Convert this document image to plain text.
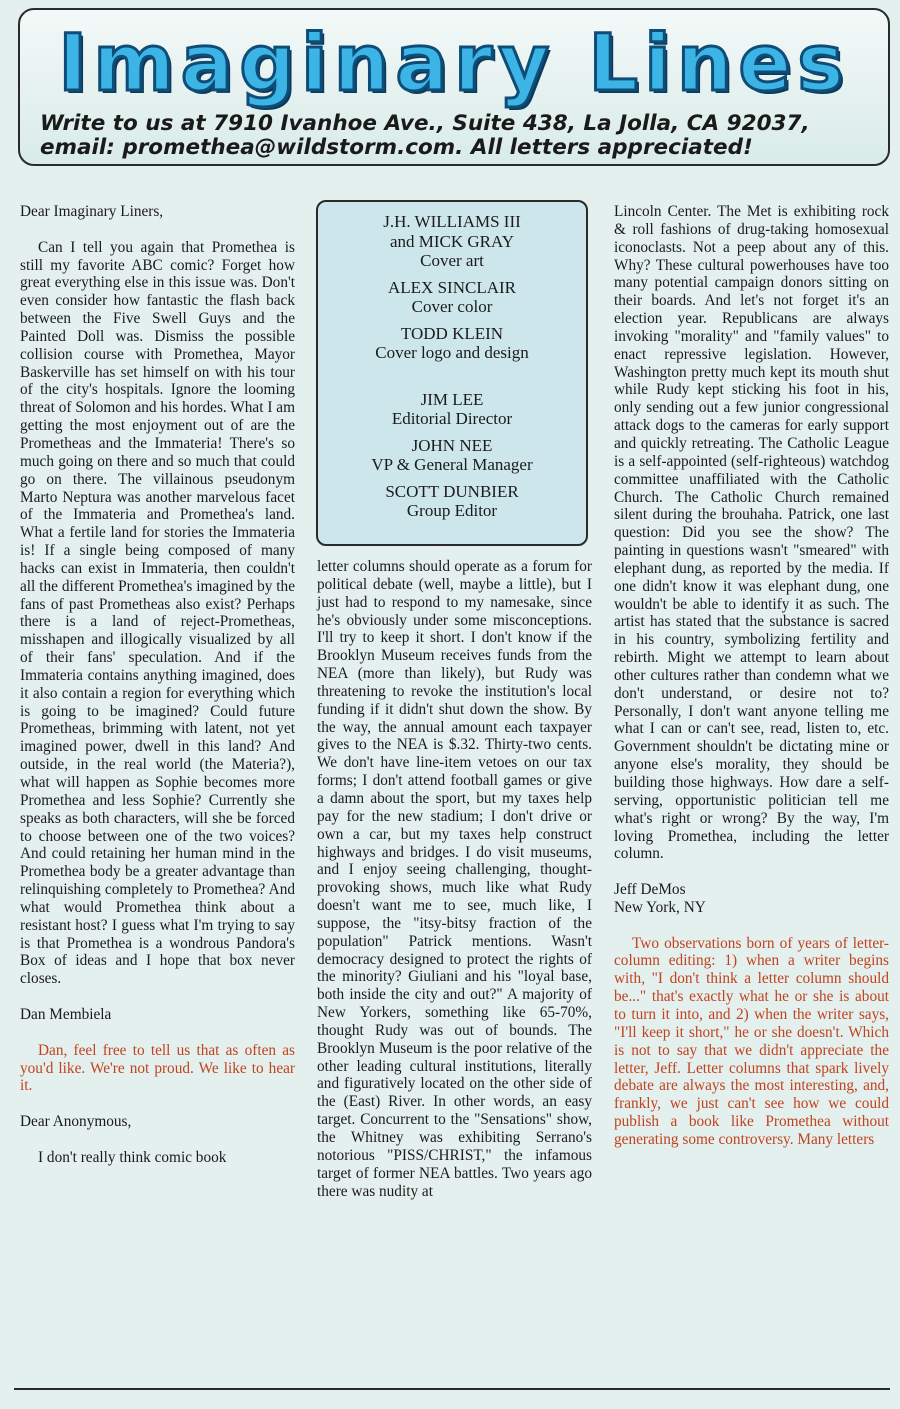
Imaginary Lines
Write to us at 7910 Ivanhoe Ave., Suite 438, La Jolla, CA 92037,
email: promethea@wildstorm.com. All letters appreciated!

Dear Imaginary Liners,

Can I tell you again that Promethea is still my favorite ABC comic? Forget how great everything else in this issue was. Don't even consider how fantastic the flash back between the Five Swell Guys and the Painted Doll was. Dismiss the possible collision course with Promethea, Mayor Baskerville has set himself on with his tour of the city's hospitals. Ignore the looming threat of Solomon and his hordes. What I am getting the most enjoyment out of are the Prometheas and the Immateria! There's so much going on there and so much that could go on there. The villainous pseudonym Marto Neptura was another marvelous facet of the Immateria and Promethea's land. What a fertile land for stories the Immateria is! If a single being composed of many hacks can exist in Immateria, then couldn't all the different Promethea's imagined by the fans of past Prometheas also exist? Perhaps there is a land of reject-Prometheas, misshapen and illogically visualized by all of their fans' speculation. And if the Immateria contains anything imagined, does it also contain a region for everything which is going to be imagined? Could future Prometheas, brimming with latent, not yet imagined power, dwell in this land? And outside, in the real world (the Materia?), what will happen as Sophie becomes more Promethea and less Sophie? Currently she speaks as both characters, will she be forced to choose between one of the two voices? And could retaining her human mind in the Promethea body be a greater advantage than relinquishing completely to Promethea? And what would Promethea think about a resistant host? I guess what I'm trying to say is that Promethea is a wondrous Pandora's Box of ideas and I hope that box never closes.

Dan Membiela

Dan, feel free to tell us that as often as you'd like. We're not proud. We like to hear it.

Dear Anonymous,

I don't really think comic book

J.H. WILLIAMS III
and MICK GRAY
Cover art
ALEX SINCLAIR
Cover color
TODD KLEIN
Cover logo and design
JIM LEE
Editorial Director
JOHN NEE
VP & General Manager
SCOTT DUNBIER
Group Editor

letter columns should operate as a forum for political debate (well, maybe a little), but I just had to respond to my namesake, since he's obviously under some misconceptions. I'll try to keep it short. I don't know if the Brooklyn Museum receives funds from the NEA (more than likely), but Rudy was threatening to revoke the institution's local funding if it didn't shut down the show. By the way, the annual amount each taxpayer gives to the NEA is $.32. Thirty-two cents. We don't have line-item vetoes on our tax forms; I don't attend football games or give a damn about the sport, but my taxes help pay for the new stadium; I don't drive or own a car, but my taxes help construct highways and bridges. I do visit museums, and I enjoy seeing challenging, thought-provoking shows, much like what Rudy doesn't want me to see, much like, I suppose, the "itsy-bitsy fraction of the population" Patrick mentions. Wasn't democracy designed to protect the rights of the minority? Giuliani and his "loyal base, both inside the city and out?" A majority of New Yorkers, something like 65-70%, thought Rudy was out of bounds. The Brooklyn Museum is the poor relative of the other leading cultural institutions, literally and figuratively located on the other side of the (East) River. In other words, an easy target. Concurrent to the "Sensations" show, the Whitney was exhibiting Serrano's notorious "PISS/CHRIST," the infamous target of former NEA battles. Two years ago there was nudity at

Lincoln Center. The Met is exhibiting rock & roll fashions of drug-taking homosexual iconoclasts. Not a peep about any of this. Why? These cultural powerhouses have too many potential campaign donors sitting on their boards. And let's not forget it's an election year. Republicans are always invoking "morality" and "family values" to enact repressive legislation. However, Washington pretty much kept its mouth shut while Rudy kept sticking his foot in his, only sending out a few junior congressional attack dogs to the cameras for early support and quickly retreating. The Catholic League is a self-appointed (self-righteous) watchdog committee unaffiliated with the Catholic Church. The Catholic Church remained silent during the brouhaha. Patrick, one last question: Did you see the show? The painting in questions wasn't "smeared" with elephant dung, as reported by the media. If one didn't know it was elephant dung, one wouldn't be able to identify it as such. The artist has stated that the substance is sacred in his country, symbolizing fertility and rebirth. Might we attempt to learn about other cultures rather than condemn what we don't understand, or desire not to? Personally, I don't want anyone telling me what I can or can't see, read, listen to, etc. Government shouldn't be dictating mine or anyone else's morality, they should be building those highways. How dare a self-serving, opportunistic politician tell me what's right or wrong? By the way, I'm loving Promethea, including the letter column.

Jeff DeMos

New York, NY

Two observations born of years of letter-column editing: 1) when a writer begins with, "I don't think a letter column should be..." that's exactly what he or she is about to turn it into, and 2) when the writer says, "I'll keep it short," he or she doesn't. Which is not to say that we didn't appreciate the letter, Jeff. Letter columns that spark lively debate are always the most interesting, and, frankly, we just can't see how we could publish a book like Promethea without generating some controversy. Many letters
